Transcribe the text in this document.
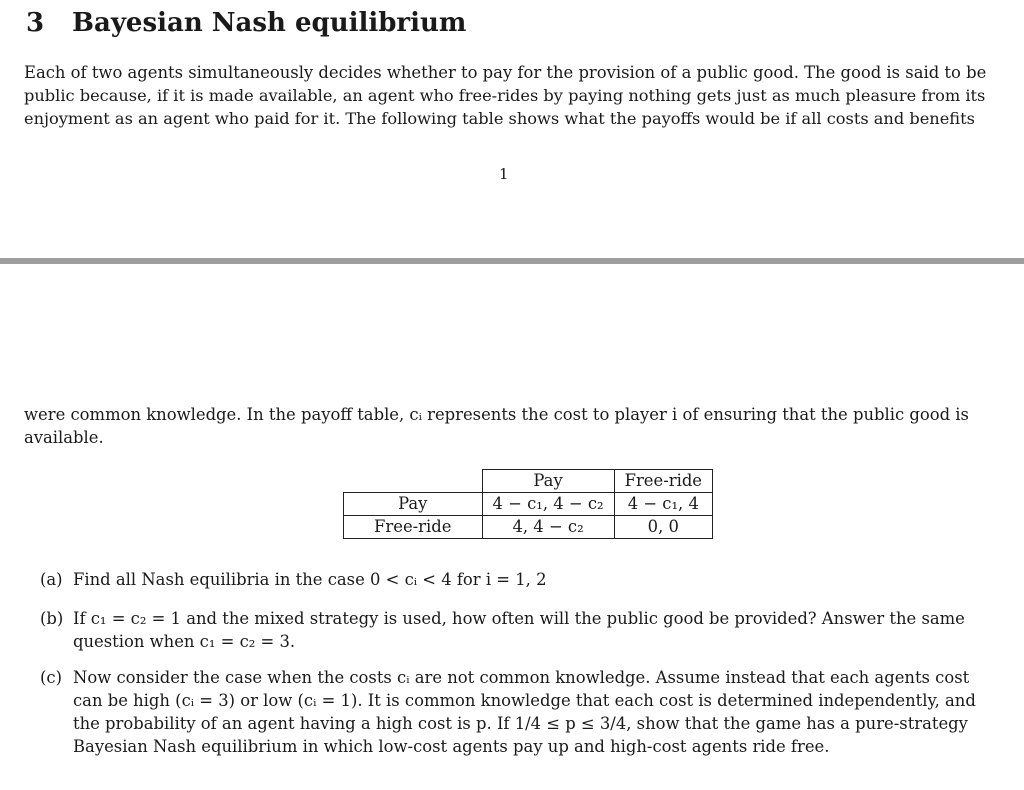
3 Bayesian Nash equilibrium
Each of two agents simultaneously decides whether to pay for the provision of a public good. The good is said to be
public because, if it is made available, an agent who free-rides by paying nothing gets just as much pleasure from its
enjoyment as an agent who paid for it. The following table shows what the payoffs would be if all costs and benefits
1
were common knowledge. In the payoff table, cᵢ represents the cost to player i of ensuring that the public good is
available.
	Pay	Free-ride
Pay	4 − c₁, 4 − c₂	4 − c₁, 4
Free-ride	4, 4 − c₂	0, 0
(a) Find all Nash equilibria in the case 0 < cᵢ < 4 for i = 1, 2
(b) If c₁ = c₂ = 1 and the mixed strategy is used, how often will the public good be provided? Answer the same
question when c₁ = c₂ = 3.
(c) Now consider the case when the costs cᵢ are not common knowledge. Assume instead that each agents cost
can be high (cᵢ = 3) or low (cᵢ = 1). It is common knowledge that each cost is determined independently, and
the probability of an agent having a high cost is p. If 1/4 ≤ p ≤ 3/4, show that the game has a pure-strategy
Bayesian Nash equilibrium in which low-cost agents pay up and high-cost agents ride free.
